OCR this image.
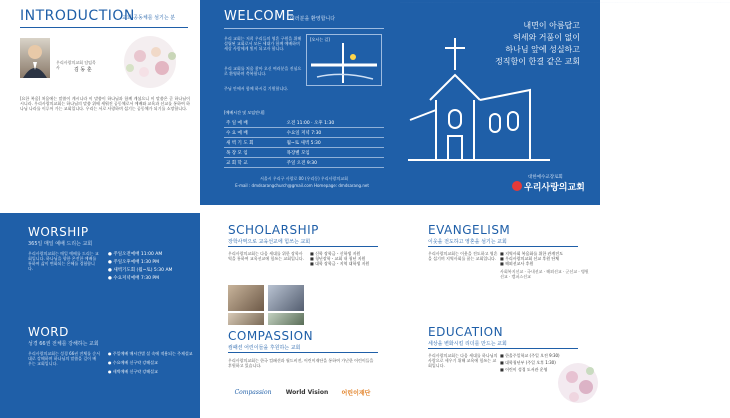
INTRODUCTION
교회 공동체를 섬기는 분
우리사랑의교회 담임목사	김 동 훈
[요한 복음] 처음에는 말씀이 계시니라 이 말씀이 하나님과 함께 계셨으니 이 말씀은 곧 하나님이시니라. 우리사랑의교회는 하나님의 말씀 위에 세워진 공동체로서 예배와 교육과 선교를 통하여 하나님 나라를 이루어 가는 교회입니다. 우리는 서로 사랑하며 섬기는 공동체가 되기를 소망합니다.
WELCOME
여러분을 환영합니다
우리 교회는 저희 우리들의 영혼 구원을 위해 설립된 교회로서 모든 세대가 함께 예배하며 세상 사람에게 빛이 되고자 합니다.
우리 교회를 처음 찾아 오신 여러분을 진심으로 환영하며 축복합니다.
주님 안에서 함께 하시길 기원합니다.
[오시는 길]
[예배시간 및 모임안내]
주 일 예 배	오전 11:00 · 오후 1:30
수 요 예 배	수요일 저녁 7:30
새 벽 기 도 회	월~토 새벽 5:30
목 장 모 임	목장별 모임
교 회 학 교	주일 오전 9:30
서울시 우리구 사랑로 00 (우리동) 우리사랑의교회
E-mail : dmdsarangchurch@gmail.com Homepage: dmdsarang.net
··························································································································································································································································································································································
내면이 아름답고
허세와 거품이 없이
하나님 앞에 성실하고
정직함이 한결 같은 교회
대한예수교장로회
우리사랑의교회
WORSHIP
365일 매일 예배 드리는 교회
우리사랑의교회는 매일 예배를 드리는 교회입니다. 하나님을 향한 온전한 예배를 통하여 삶이 변화되는 은혜를 경험합니다.
● 주일오전예배 11:00 AM
● 주일오후예배 1:30 PM
● 새벽기도회 (월~토) 5:30 AM
● 수요저녁예배 7:30 PM
WORD
성경 66권 전체를 강해하는 교회
우리사랑의교회는 성경 66권 전체를 순서대로 강해하며 하나님의 말씀을 깊이 배우는 교회입니다.
● 주일예배 매시간별 설 속에 적용되는 주제설교
● 수요예배 신구약 강해설교
● 새벽예배 신구약 강해설교
SCHOLARSHIP
장학사역으로 교육선교에 힘쓰는 교회
우리사랑의교회는 다음 세대를 위한 장학사역을 통하여 교육선교에 힘쓰는 교회입니다.
■ 신학 장학금 - 신학생 지원
■ 청년장학 - 교회 내 청년 지원
■ 대학 장학금 - 지역 대학생 지원
COMPASSION
컴패션 어린이들을 후원하는 교회
우리사랑의교회는 한국 컴패션과 월드비전, 어린이재단을 통하여 가난한 어린이들을 후원하고 있습니다.
Compassion World Vision 어린이재단
EVANGELISM
이웃을 전도하고 영혼을 섬기는 교회
우리사랑의교회는 이웃을 전도하고 영혼을 섬기며 지역사회를 품는 교회입니다.
■ 지역사회 복음화를 위한 관계전도
■ 우리사랑의교회 선교 후원 단체
■ 해외선교사 후원
사회복지선교 · 국내선교 · 해외선교 · 군선교 · 병원선교 · 캠퍼스선교
EDUCATION
세상을 변화시킬 리더를 만드는 교회
우리사랑의교회는 다음 세대를 하나님의 사람으로 세우기 위해 교육에 힘쓰는 교회입니다.
■ 한울주일학교 (주일 오전 9:30)
■ 대학청년부 (주일 오후 1:30)
■ 어린이 성경 도서관 운영
